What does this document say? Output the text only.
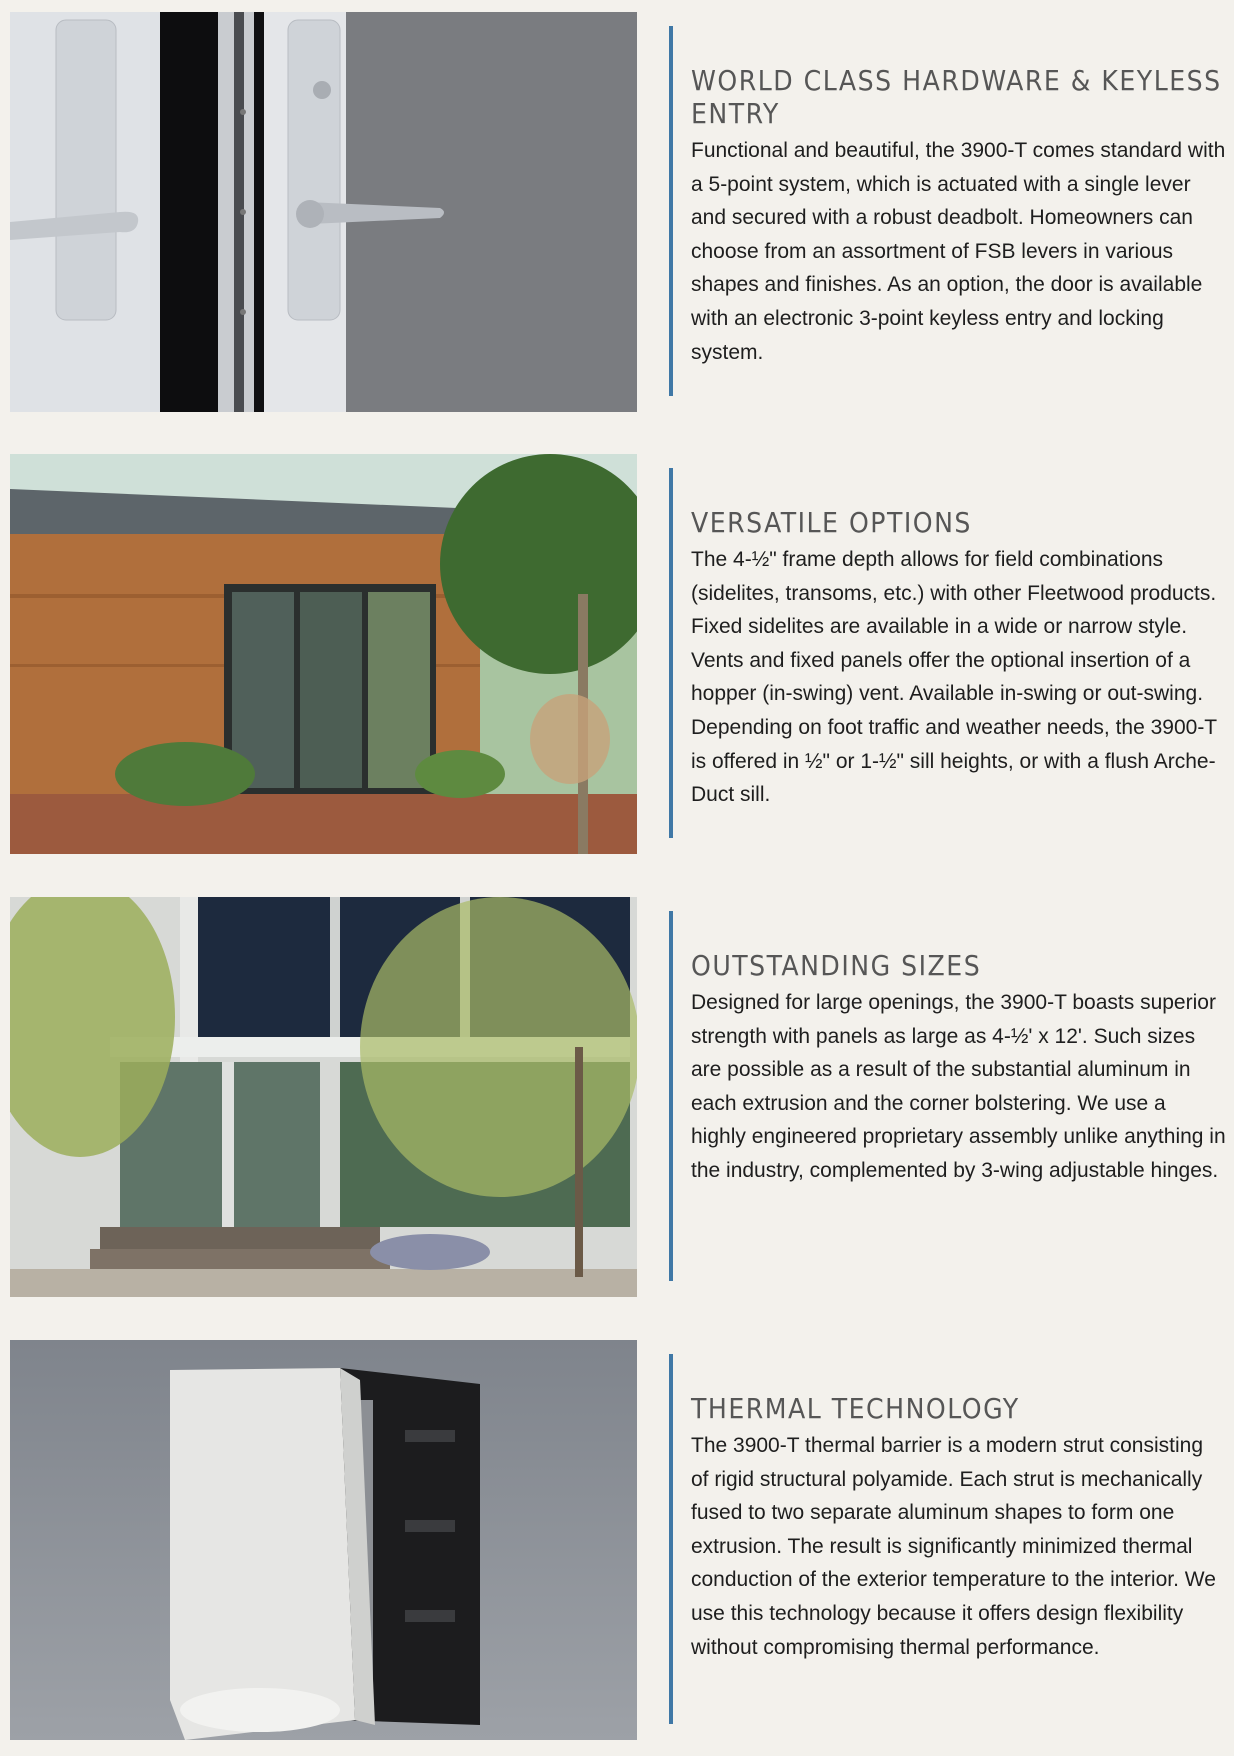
WORLD CLASS HARDWARE & KEYLESS ENTRY

Functional and beautiful, the 3900-T comes standard with a 5-point system, which is actuated with a single lever and secured with a robust deadbolt. Homeowners can choose from an assortment of FSB levers in various shapes and finishes. As an option, the door is available with an electronic 3-point keyless entry and locking system.

VERSATILE OPTIONS

The 4-½" frame depth allows for field combinations (sidelites, transoms, etc.) with other Fleetwood products. Fixed sidelites are available in a wide or narrow style. Vents and fixed panels offer the optional insertion of a hopper (in-swing) vent. Available in-swing or out-swing. Depending on foot traffic and weather needs, the 3900-T is offered in ½" or 1-½" sill heights, or with a flush Arche-Duct sill.

OUTSTANDING SIZES

Designed for large openings, the 3900-T boasts superior strength with panels as large as 4-½' x 12'. Such sizes are possible as a result of the substantial aluminum in each extrusion and the corner bolstering. We use a highly engineered proprietary assembly unlike anything in the industry, complemented by 3-wing adjustable hinges.

THERMAL TECHNOLOGY

The 3900-T thermal barrier is a modern strut consisting of rigid structural polyamide. Each strut is mechanically fused to two separate aluminum shapes to form one extrusion. The result is significantly minimized thermal conduction of the exterior temperature to the interior. We use this technology because it offers design flexibility without compromising thermal performance.
